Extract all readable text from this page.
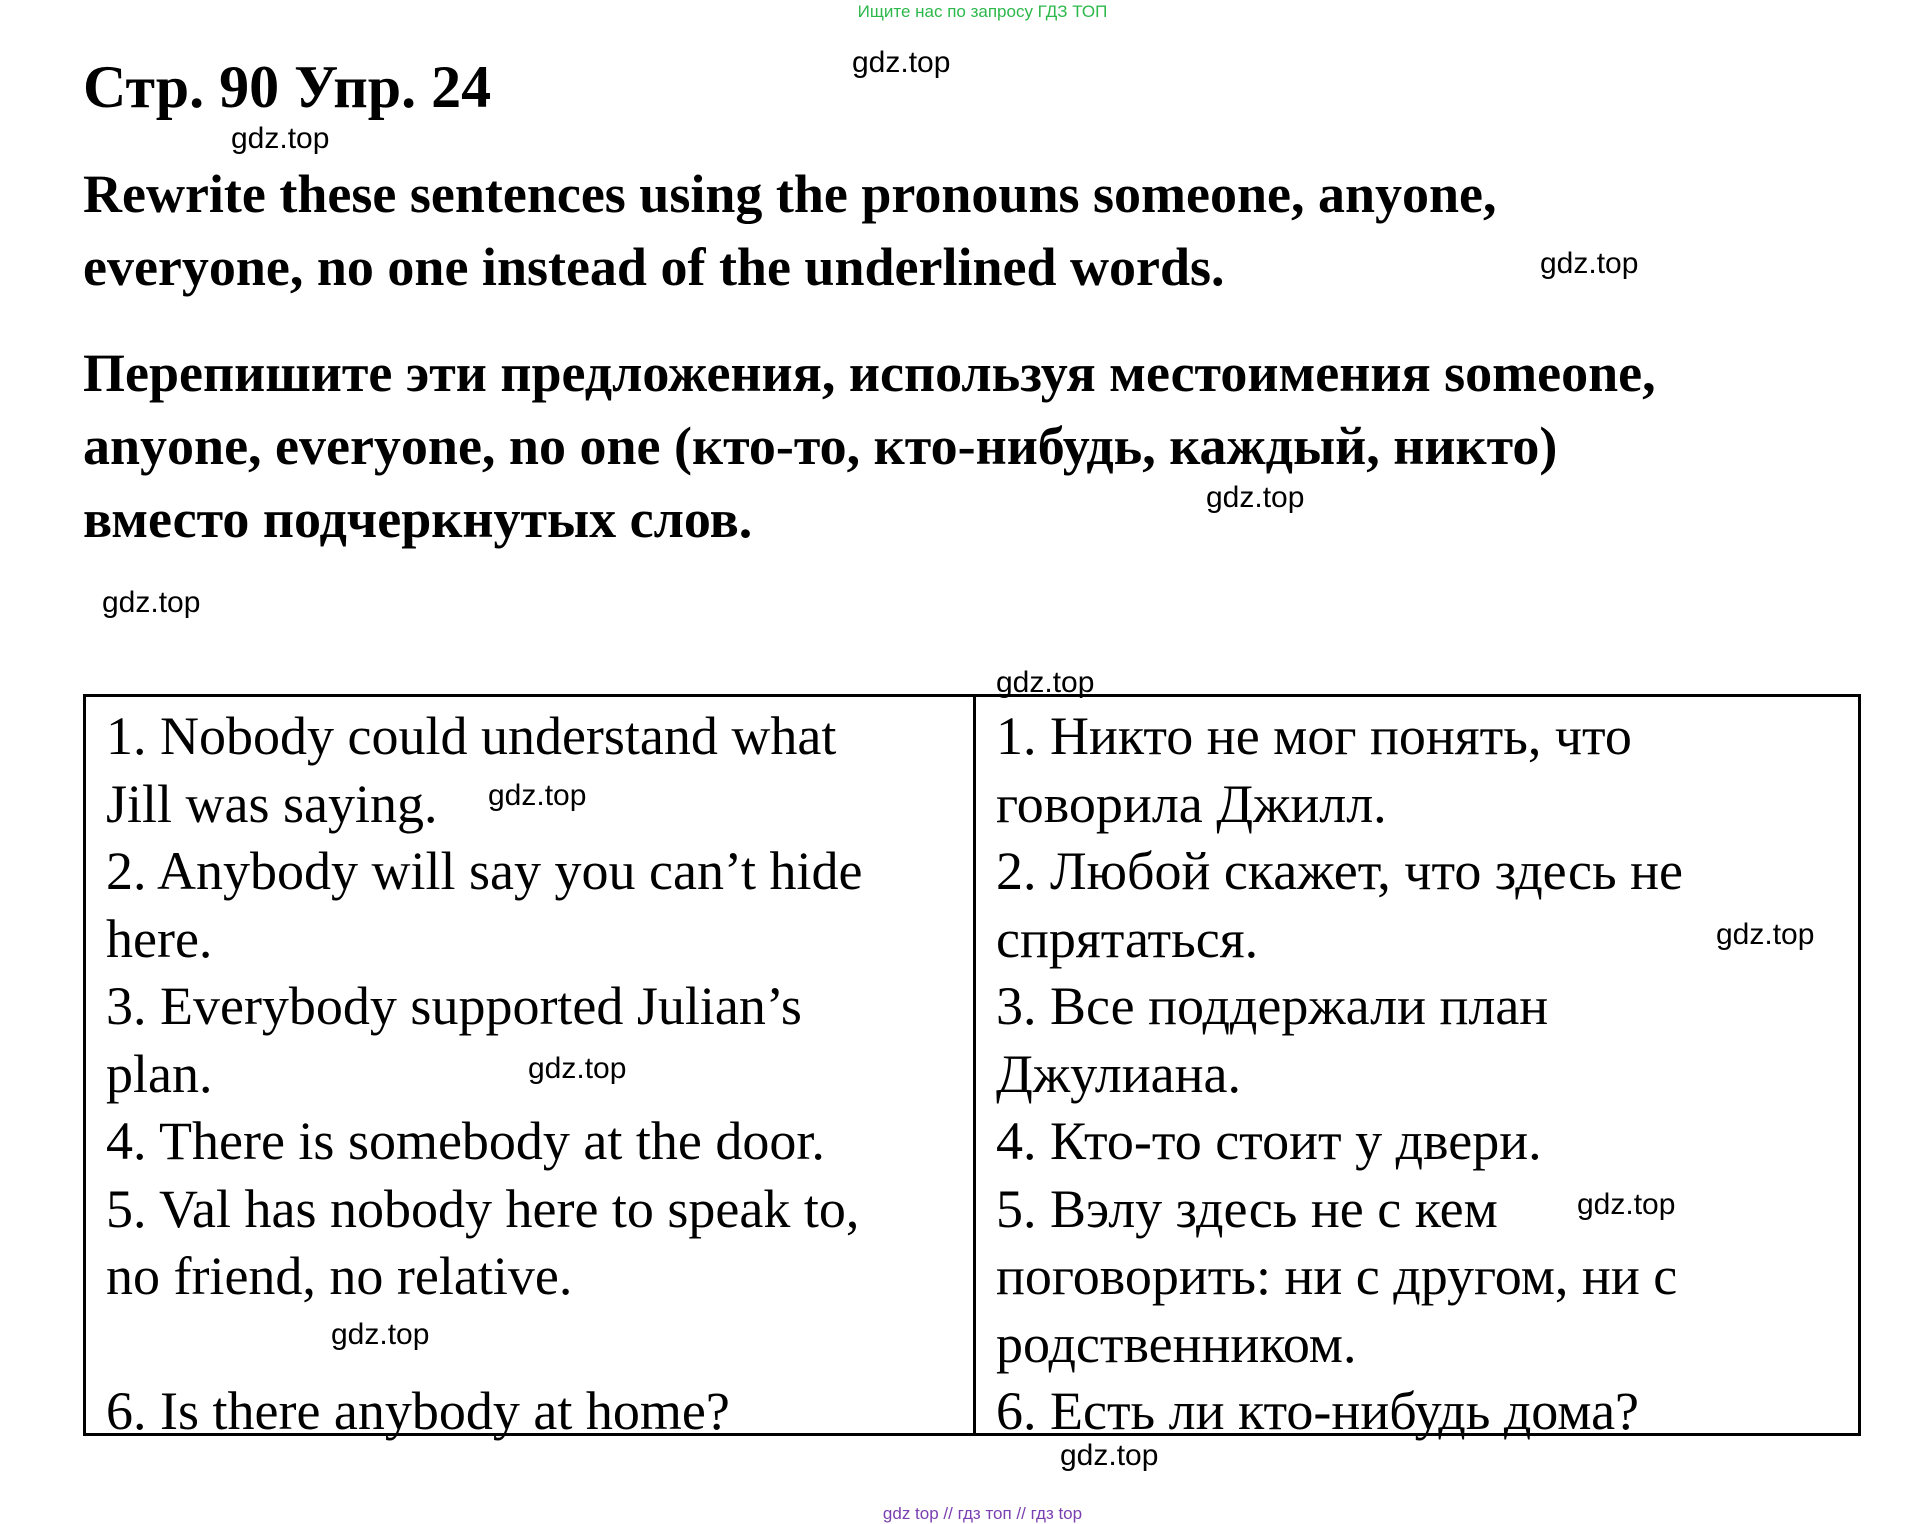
Ищите нас по запросу ГДЗ ТОП
Стр. 90 Упр. 24	gdz.top
gdz.top
gdz.top
gdz.top
gdz.top
gdz.top
Rewrite these sentences using the pronouns someone, anyone,
everyone, no one instead of the underlined words.
Перепишите эти предложения, используя местоимения someone,
anyone, everyone, no one (кто-то, кто-нибудь, каждый, никто)
вместо подчеркнутых слов.
1. Nobody could understand what
Jill was saying.
2. Anybody will say you can’t hide
here.
3. Everybody supported Julian’s
plan.
4. There is somebody at the door.
5. Val has nobody here to speak to,
no friend, no relative.
6. Is there anybody at home?
1. Никто не мог понять, что
говорила Джилл.
2. Любой скажет, что здесь не
спрятаться.
3. Все поддержали план
Джулиана.
4. Кто-то стоит у двери.
5. Вэлу здесь не с кем
поговорить: ни с другом, ни с
родственником.
6. Есть ли кто-нибудь дома?
gdz.top
gdz.top
gdz.top
gdz.top
gdz.top
gdz.top
gdz top // гдз топ // гдз top
